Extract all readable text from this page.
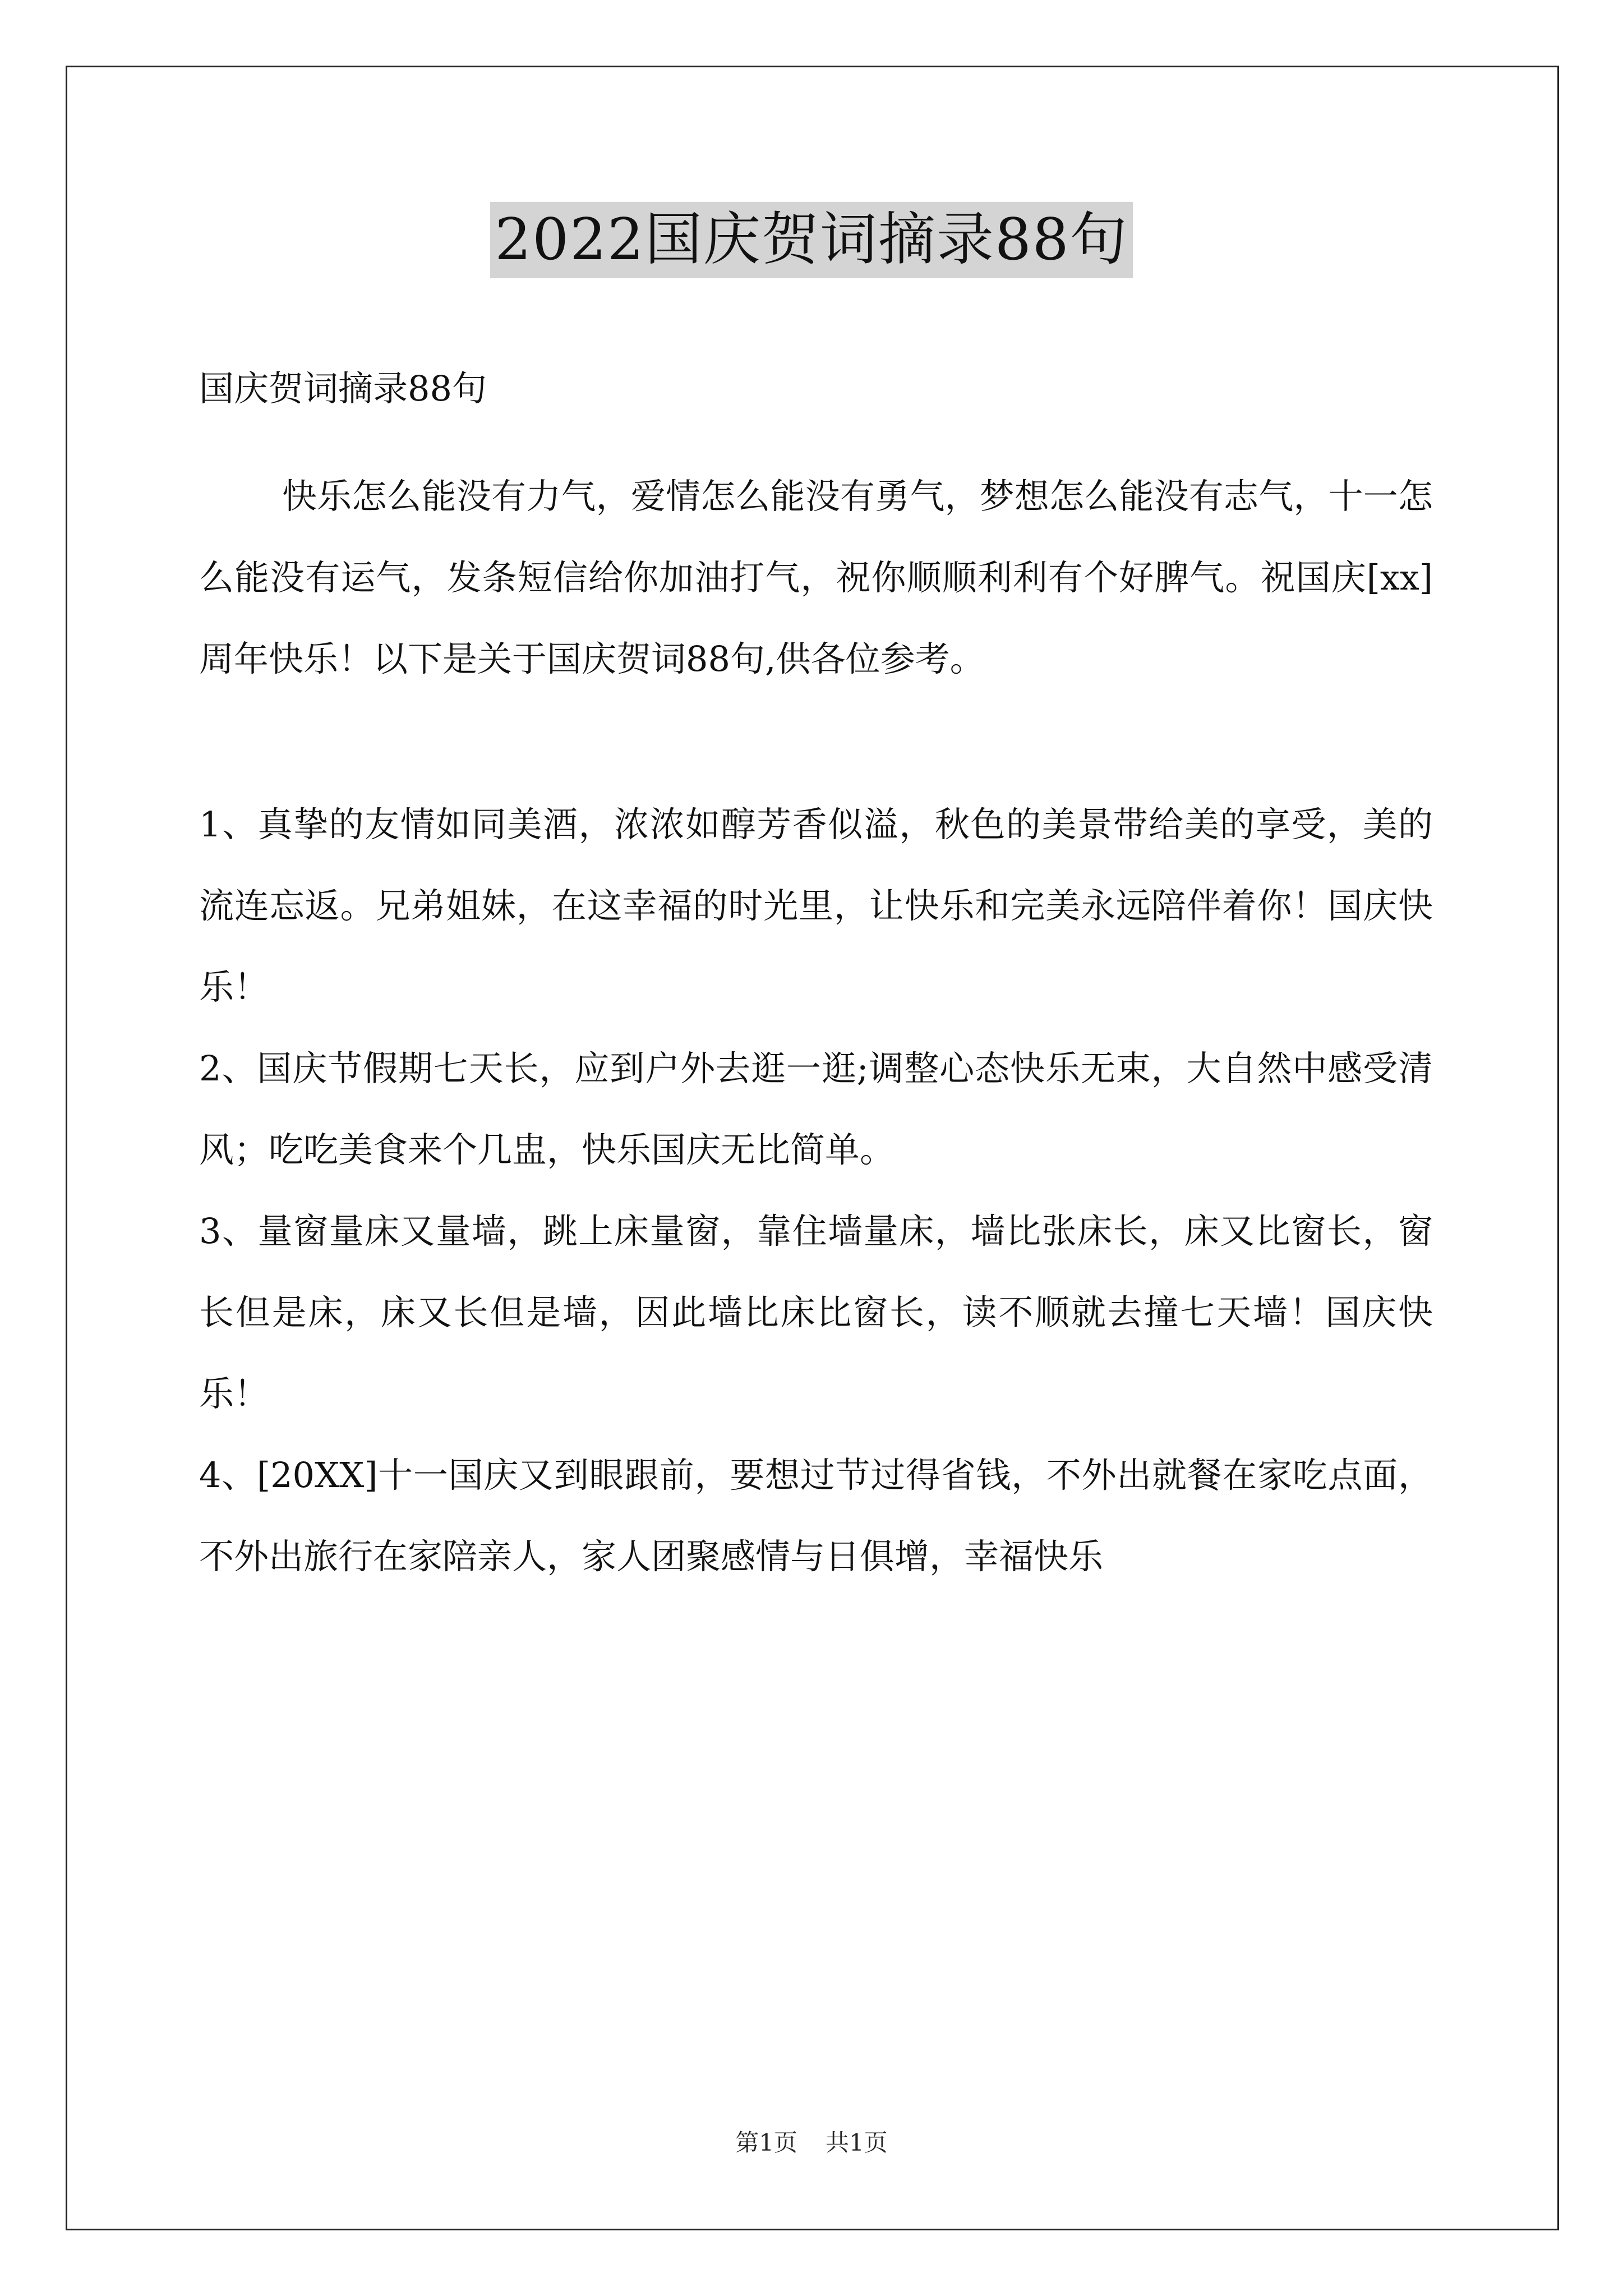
2022国庆贺词摘录88句

国庆贺词摘录88句

快乐怎么能没有力气，爱情怎么能没有勇气，梦想怎么能没有志气，十一怎么能没有运气，发条短信给你加油打气，祝你顺顺利利有个好脾气。祝国庆[xx]周年快乐！以下是关于国庆贺词88句,供各位参考。

1、真挚的友情如同美酒，浓浓如醇芳香似溢，秋色的美景带给美的享受，美的流连忘返。兄弟姐妹，在这幸福的时光里，让快乐和完美永远陪伴着你！国庆快乐！

2、国庆节假期七天长，应到户外去逛一逛;调整心态快乐无束，大自然中感受清风；吃吃美食来个几盅，快乐国庆无比简单。

3、量窗量床又量墙，跳上床量窗，靠住墙量床，墙比张床长，床又比窗长，窗长但是床，床又长但是墙，因此墙比床比窗长，读不顺就去撞七天墙！国庆快乐！

4、[20XX]十一国庆又到眼跟前，要想过节过得省钱，不外出就餐在家吃点面，不外出旅行在家陪亲人，家人团聚感情与日俱增，幸福快乐

第1页 共1页
